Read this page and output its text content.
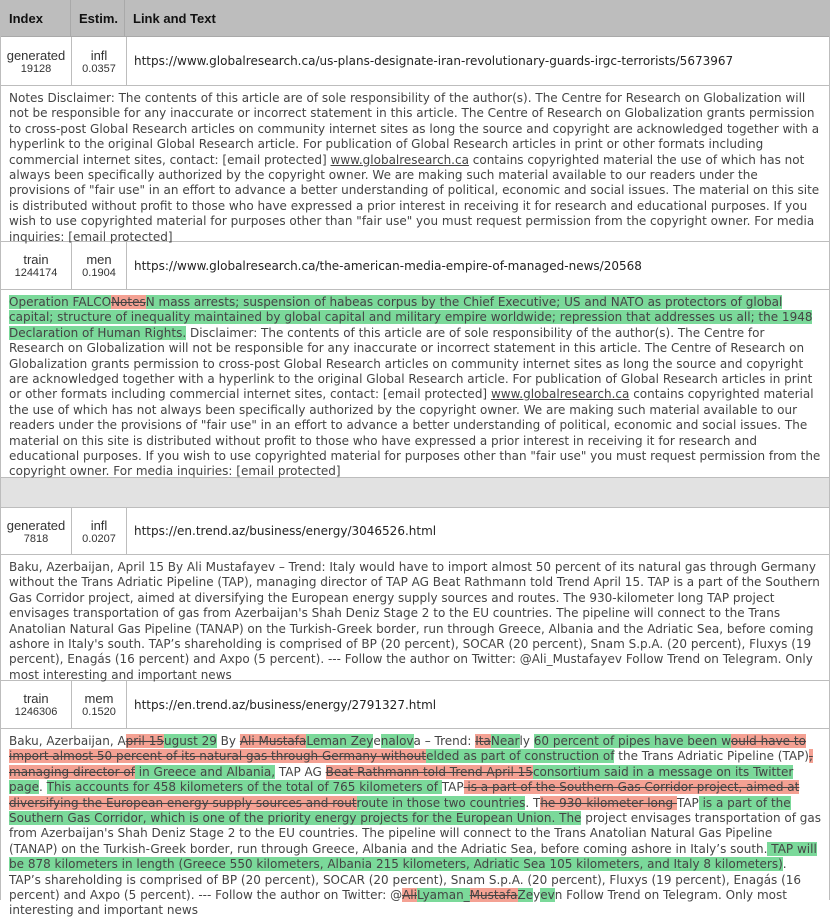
Index	Estim.	Link and Text
generated
19128
infl
0.0357
https://www.globalresearch.ca/us-plans-designate-iran-revolutionary-guards-irgc-terrorists/5673967
Notes Disclaimer: The contents of this article are of sole responsibility of the author(s). The Centre for Research on Globalization will not be responsible for any inaccurate or incorrect statement in this article. The Centre of Research on Globalization grants permission to cross-post Global Research articles on community internet sites as long the source and copyright are acknowledged together with a hyperlink to the original Global Research article. For publication of Global Research articles in print or other formats including commercial internet sites, contact: [email protected] www.globalresearch.ca contains copyrighted material the use of which has not always been specifically authorized by the copyright owner. We are making such material available to our readers under the provisions of "fair use" in an effort to advance a better understanding of political, economic and social issues. The material on this site is distributed without profit to those who have expressed a prior interest in receiving it for research and educational purposes. If you wish to use copyrighted material for purposes other than "fair use" you must request permission from the copyright owner. For media inquiries: [email protected]
train
1244174
men
0.1904
https://www.globalresearch.ca/the-american-media-empire-of-managed-news/20568
Operation FALCONotesN mass arrests; suspension of habeas corpus by the Chief Executive; US and NATO as protectors of global capital; structure of inequality maintained by global capital and military empire worldwide; repression that addresses us all; the 1948 Declaration of Human Rights. Disclaimer: The contents of this article are of sole responsibility of the author(s). The Centre for Research on Globalization will not be responsible for any inaccurate or incorrect statement in this article. The Centre of Research on Globalization grants permission to cross-post Global Research articles on community internet sites as long the source and copyright are acknowledged together with a hyperlink to the original Global Research article. For publication of Global Research articles in print or other formats including commercial internet sites, contact: [email protected] www.globalresearch.ca contains copyrighted material the use of which has not always been specifically authorized by the copyright owner. We are making such material available to our readers under the provisions of "fair use" in an effort to advance a better understanding of political, economic and social issues. The material on this site is distributed without profit to those who have expressed a prior interest in receiving it for research and educational purposes. If you wish to use copyrighted material for purposes other than "fair use" you must request permission from the copyright owner. For media inquiries: [email protected]
generated
7818
infl
0.0207
https://en.trend.az/business/energy/3046526.html
Baku, Azerbaijan, April 15 By Ali Mustafayev – Trend: Italy would have to import almost 50 percent of its natural gas through Germany without the Trans Adriatic Pipeline (TAP), managing director of TAP AG Beat Rathmann told Trend April 15. TAP is a part of the Southern Gas Corridor project, aimed at diversifying the European energy supply sources and routes. The 930-kilometer long TAP project envisages transportation of gas from Azerbaijan's Shah Deniz Stage 2 to the EU countries. The pipeline will connect to the Trans Anatolian Natural Gas Pipeline (TANAP) on the Turkish-Greek border, run through Greece, Albania and the Adriatic Sea, before coming ashore in Italy's south. TAP’s shareholding is comprised of BP (20 percent), SOCAR (20 percent), Snam S.p.A. (20 percent), Fluxys (19 percent), Enagás (16 percent) and Axpo (5 percent). --- Follow the author on Twitter: @Ali_Mustafayev Follow Trend on Telegram. Only most interesting and important news
train
1246306
mem
0.1520
https://en.trend.az/business/energy/2791327.html
Baku, Azerbaijan, April 15ugust 29 By Ali MustafaLeman Zeyenalova – Trend: ItaNearly 60 percent of pipes have been would have to import almost 50 percent of its natural gas through Germany withoutelded as part of construction of the Trans Adriatic Pipeline (TAP), managing director of in Greece and Albania, TAP AG Beat Rathmann told Trend April 15consortium said in a message on its Twitter page. This accounts for 458 kilometers of the total of 765 kilometers of TAP is a part of the Southern Gas Corridor project, aimed at diversifying the European energy supply sources and routroute in those two countries. The 930-kilometer long TAP is a part of the Southern Gas Corridor, which is one of the priority energy projects for the European Union. The project envisages transportation of gas from Azerbaijan's Shah Deniz Stage 2 to the EU countries. The pipeline will connect to the Trans Anatolian Natural Gas Pipeline (TANAP) on the Turkish-Greek border, run through Greece, Albania and the Adriatic Sea, before coming ashore in Italy’s south. TAP will be 878 kilometers in length (Greece 550 kilometers, Albania 215 kilometers, Adriatic Sea 105 kilometers, and Italy 8 kilometers). TAP’s shareholding is comprised of BP (20 percent), SOCAR (20 percent), Snam S.p.A. (20 percent), Fluxys (19 percent), Enagás (16 percent) and Axpo (5 percent). --- Follow the author on Twitter: @AliLyaman_MustafaZeyevn Follow Trend on Telegram. Only most interesting and important news
